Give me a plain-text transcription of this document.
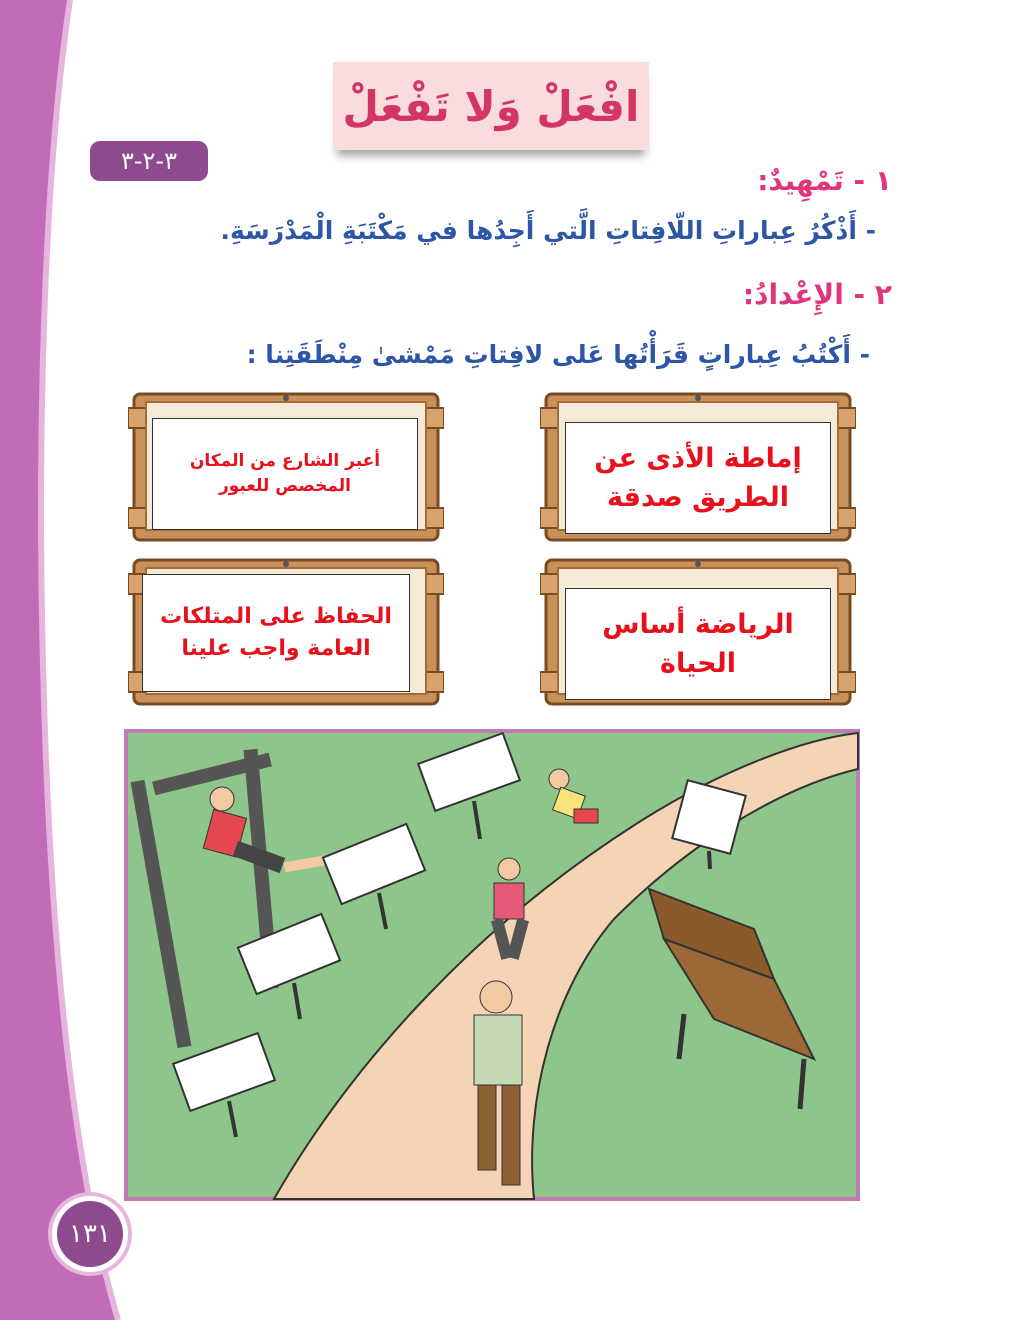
افْعَلْ وَلا تَفْعَلْ
٣-٢-٣
١ - تَمْهِيدٌ:
- أَذْكُرُ عِباراتِ اللّافِتاتِ الَّتي أَجِدُها في مَكْتَبَةِ الْمَدْرَسَةِ.
٢ - الإِعْدادُ:
- أَكْتُبُ عِباراتٍ قَرَأْتُها عَلى لافِتاتِ مَمْشىٰ مِنْطَقَتِنا :
إماطة الأذى عن الطريق صدقة
أعبر الشارع من المكان المخصص للعبور
الرياضة أساس الحياة
الحفاظ على المتلكات العامة واجب علينا
١٣١
